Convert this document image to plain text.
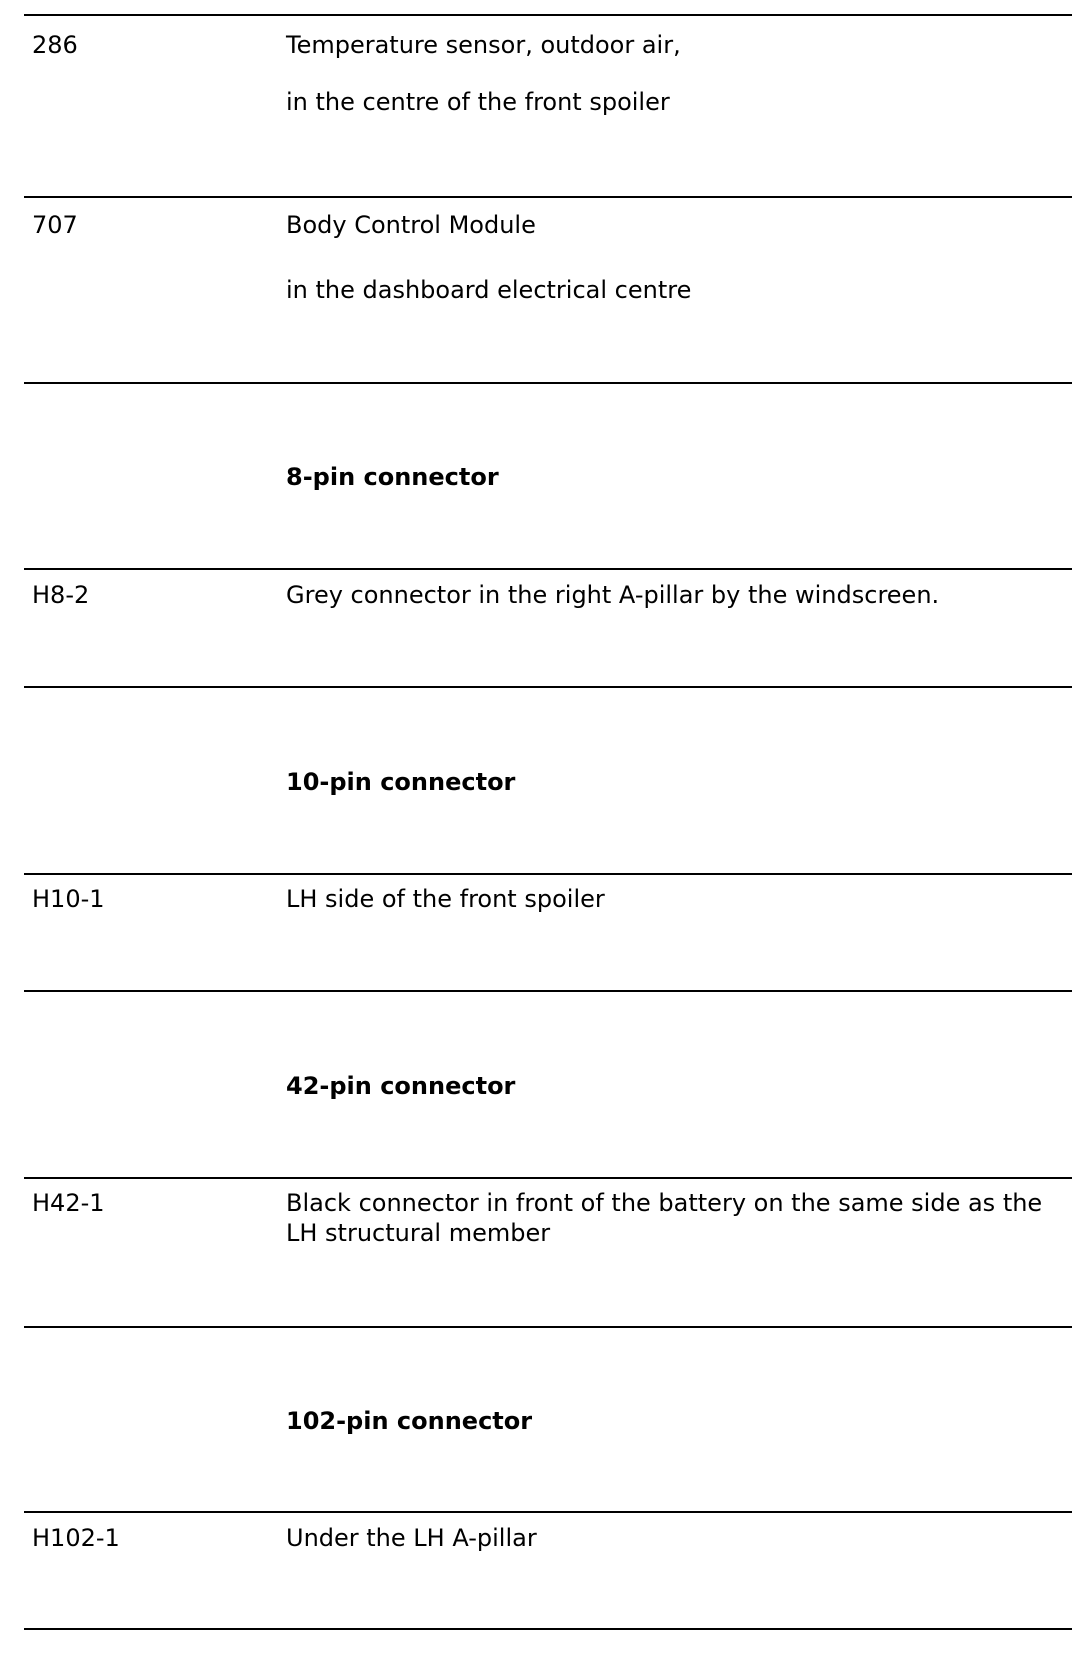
286	Temperature sensor, outdoor air,
in the centre of the front spoiler
707	Body Control Module
in the dashboard electrical centre
8-pin connector
H8-2	Grey connector in the right A-pillar by the windscreen.
10-pin connector
H10-1	LH side of the front spoiler
42-pin connector
H42-1	Black connector in front of the battery on the same side as the LH structural member
102-pin connector
H102-1	Under the LH A-pillar
